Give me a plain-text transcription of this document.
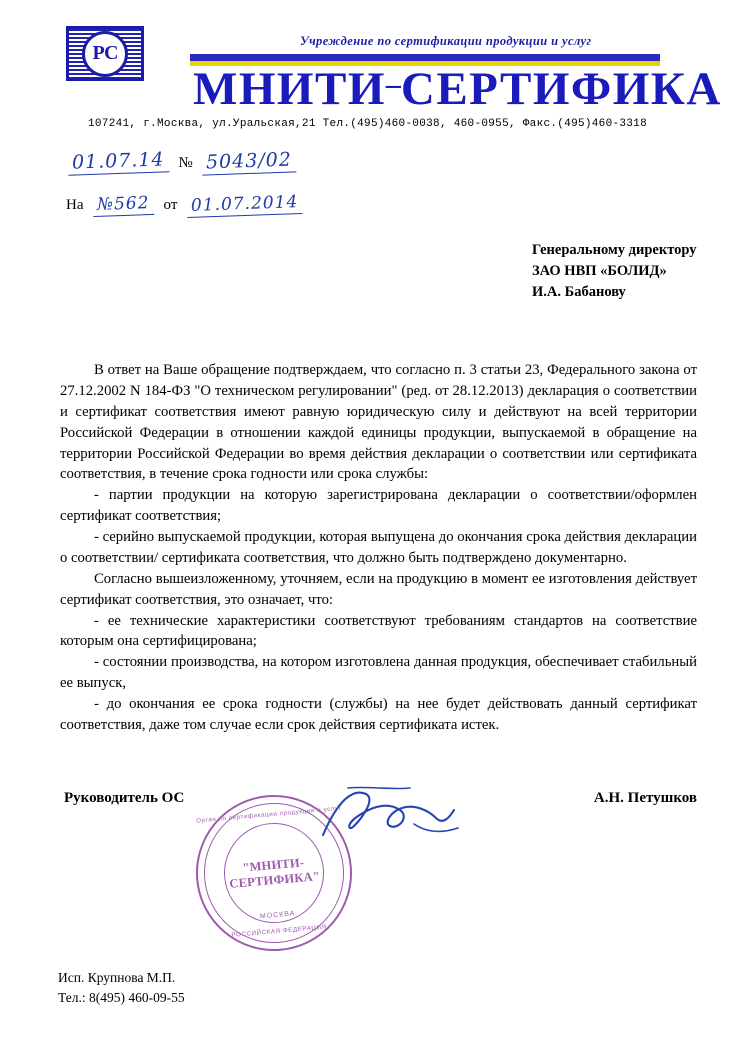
РС
Учреждение по сертификации продукции и услуг
МНИТИ–СЕРТИФИКА
107241, г.Москва, ул.Уральская,21 Тел.(495)460-0038, 460-0955, Факс.(495)460-3318
01.07.14 № 5043/02
На №562 от 01.07.2014
Генеральному директору
ЗАО НВП «БОЛИД»
И.А. Бабанову

В ответ на Ваше обращение подтверждаем, что согласно п. 3 статьи 23, Федерального закона от 27.12.2002 N 184-ФЗ "О техническом регулировании" (ред. от 28.12.2013) декларация о соответствии и сертификат соответствия имеют равную юридическую силу и действуют на всей территории Российской Федерации в отношении каждой единицы продукции, выпускаемой в обращение на территории Российской Федерации во время действия декларации о соответствии или сертификата соответствия, в течение срока годности или срока службы:

- партии продукции на которую зарегистрирована декларации о соответствии/оформлен сертификат соответствия;

- серийно выпускаемой продукции, которая выпущена до окончания срока действия декларации о соответствии/ сертификата соответствия, что должно быть подтверждено документарно.

Согласно вышеизложенному, уточняем, если на продукцию в момент ее изготовления действует сертификат соответствия, это означает, что:

- ее технические характеристики соответствуют требованиям стандартов на соответствие которым она сертифицирована;

- состоянии производства, на котором изготовлена данная продукция, обеспечивает стабильный ее выпуск,

- до окончания ее срока годности (службы) на нее будет действовать данный сертификат соответствия, даже том случае если срок действия сертификата истек.

Руководитель ОС	А.Н. Петушков
Орган по сертификации продукции и услуг
"МНИТИ-СЕРТИФИКА"
МОСКВА
РОССИЙСКАЯ ФЕДЕРАЦИЯ
Исп. Крупнова М.П.
Тел.: 8(495) 460-09-55
